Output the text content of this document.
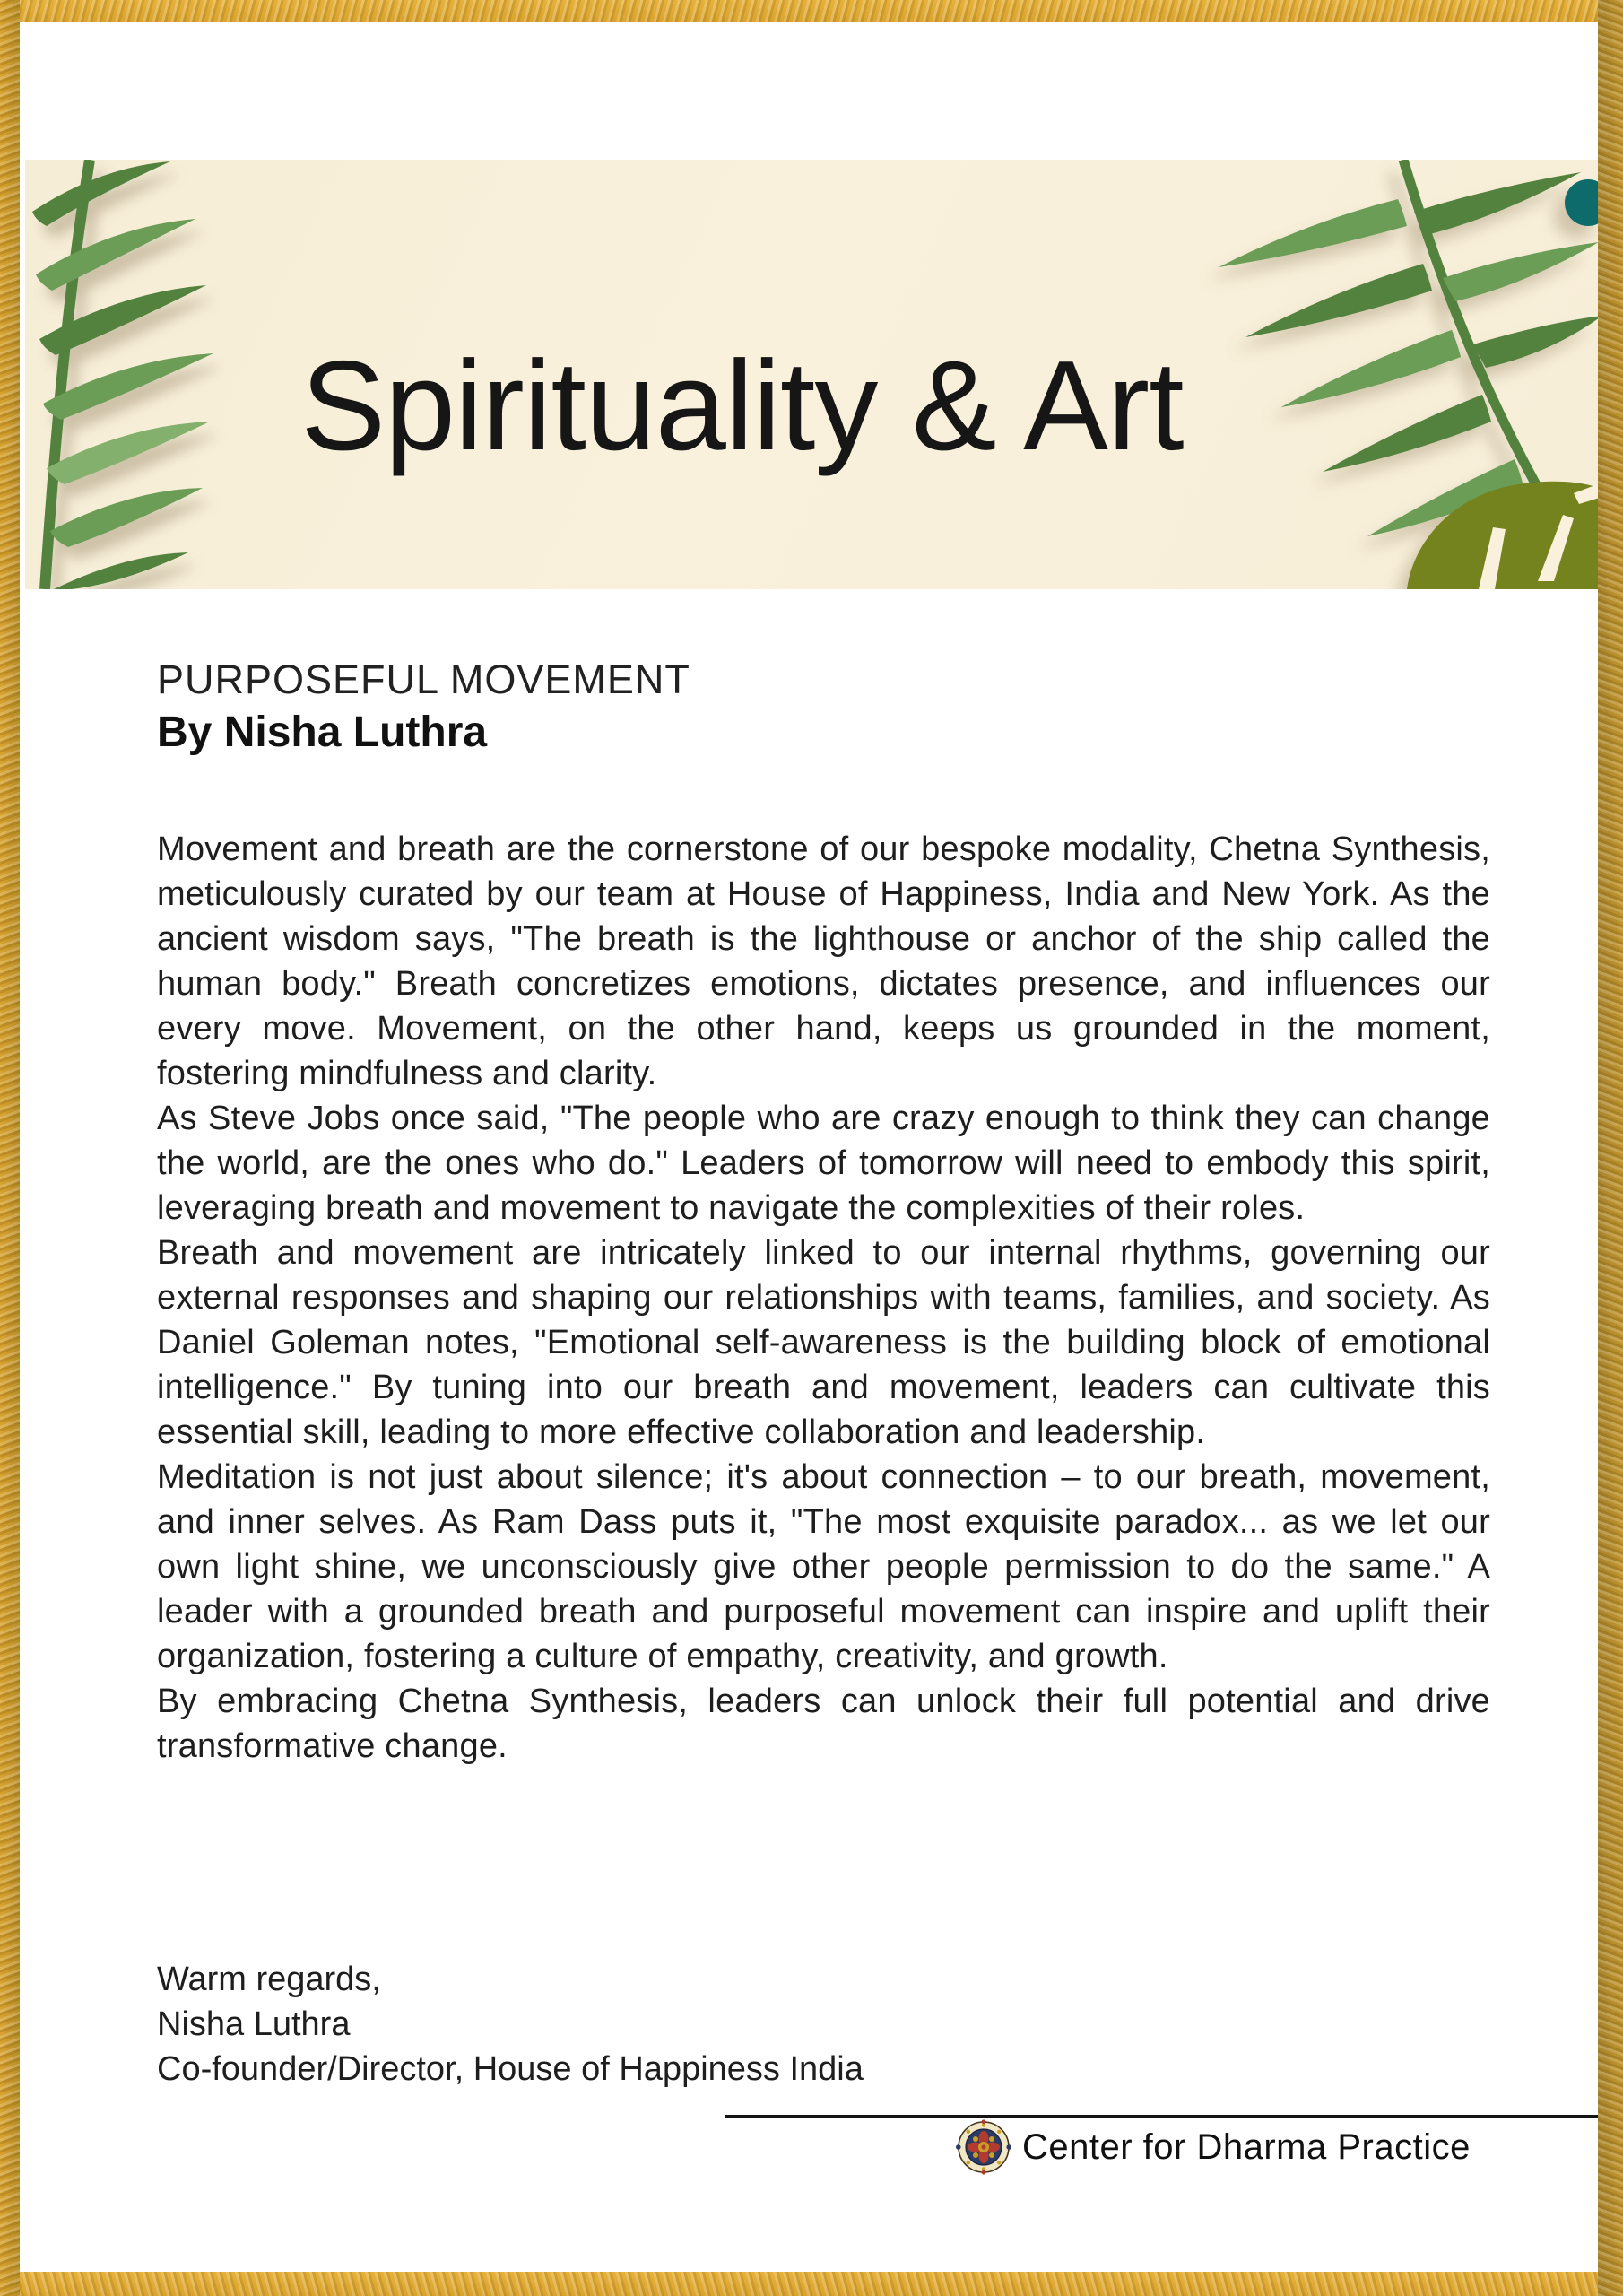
Spirituality & Art
PURPOSEFUL MOVEMENT
By Nisha Luthra

Movement and breath are the cornerstone of our bespoke modality, Chetna Synthesis, meticulously curated by our team at House of Happiness, India and New York. As the ancient wisdom says, "The breath is the lighthouse or anchor of the ship called the human body." Breath concretizes emotions, dictates presence, and influences our every move. Movement, on the other hand, keeps us grounded in the moment, fostering mindfulness and clarity.

As Steve Jobs once said, "The people who are crazy enough to think they can change the world, are the ones who do." Leaders of tomorrow will need to embody this spirit, leveraging breath and movement to navigate the complexities of their roles.

Breath and movement are intricately linked to our internal rhythms, governing our external responses and shaping our relationships with teams, families, and society. As Daniel Goleman notes, "Emotional self-awareness is the building block of emotional intelligence." By tuning into our breath and movement, leaders can cultivate this essential skill, leading to more effective collaboration and leadership.

Meditation is not just about silence; it's about connection – to our breath, movement, and inner selves. As Ram Dass puts it, "The most exquisite paradox... as we let our own light shine, we unconsciously give other people permission to do the same." A leader with a grounded breath and purposeful movement can inspire and uplift their organization, fostering a culture of empathy, creativity, and growth.

By embracing Chetna Synthesis, leaders can unlock their full potential and drive transformative change.

Warm regards,
Nisha Luthra
Co-founder/Director, House of Happiness India
Center for Dharma Practice
